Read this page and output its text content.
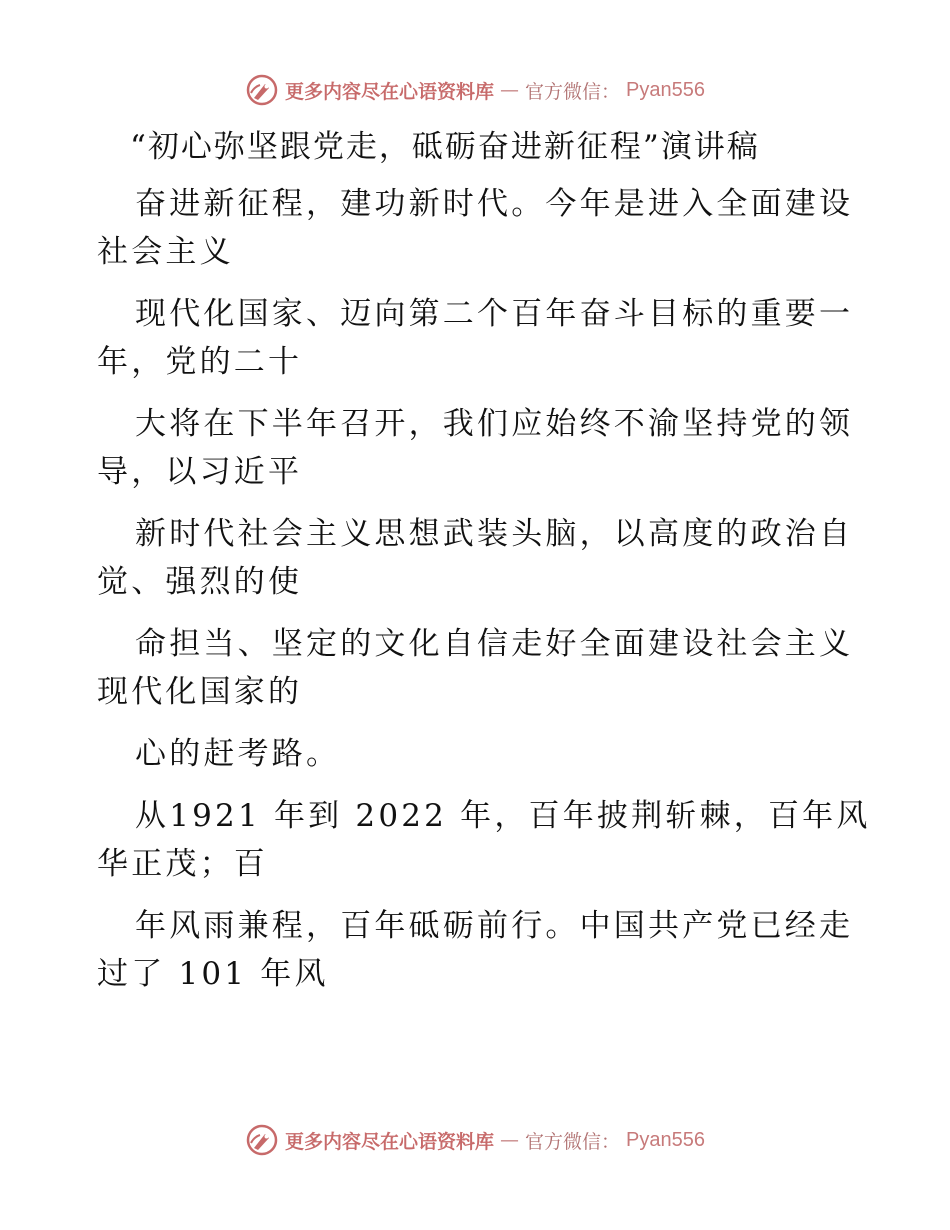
更多内容尽在心语资料库 — 官方微信： Pyan556
“初心弥坚跟党走，砥砺奋进新征程”演讲稿
奋进新征程，建功新时代。今年是进入全面建设
社会主义
现代化国家、迈向第二个百年奋斗目标的重要一
年，党的二十
大将在下半年召开，我们应始终不渝坚持党的领
导，以习近平
新时代社会主义思想武装头脑，以高度的政治自
觉、强烈的使
命担当、坚定的文化自信走好全面建设社会主义
现代化国家的
心的赶考路。
从1921 年到 2022 年，百年披荆斩棘，百年风
华正茂；百
年风雨兼程，百年砥砺前行。中国共产党已经走
过了 101 年风
更多内容尽在心语资料库 — 官方微信： Pyan556
